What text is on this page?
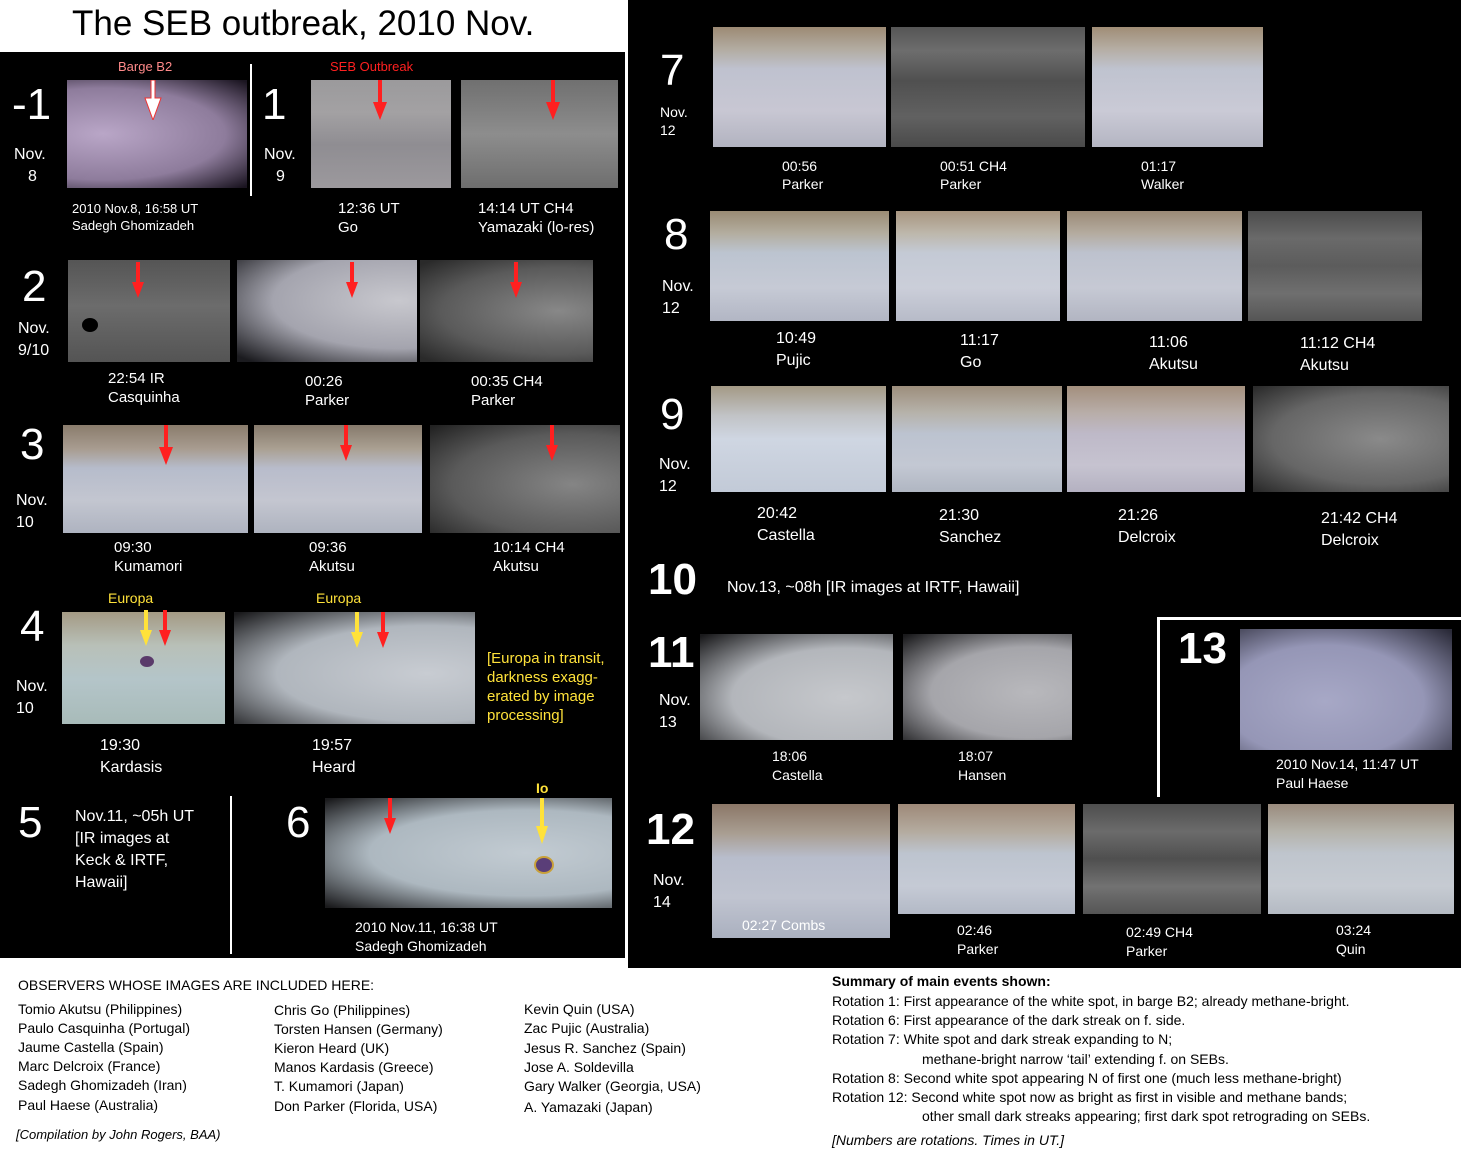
The SEB outbreak, 2010 Nov.
-1
Nov.
8
Barge B2
2010 Nov.8, 16:58 UT
Sadegh Ghomizadeh
1
Nov.
9
SEB Outbreak
12:36 UT
Go
14:14 UT CH4
Yamazaki (lo-res)
2
Nov.
9/10
22:54 IR
Casquinha
00:26
Parker
00:35 CH4
Parker
3
Nov.
10
09:30
Kumamori
09:36
Akutsu
10:14 CH4
Akutsu
4
Nov.
10
Europa	Europa
19:30
Kardasis
19:57
Heard
[Europa in transit,
darkness exagg-
erated by image
processing]
5 Nov.11, ~05h UT
[IR images at
Keck & IRTF,
Hawaii]
6
Io
2010 Nov.11, 16:38 UT
Sadegh Ghomizadeh
7
Nov.
12
00:56
Parker
00:51 CH4
Parker
01:17
Walker
8
Nov.
12
10:49
Pujic
11:17
Go
11:06
Akutsu
11:12 CH4
Akutsu
9
Nov.
12
20:42
Castella
21:30
Sanchez
21:26
Delcroix
21:42 CH4
Delcroix
10 Nov.13, ~08h [IR images at IRTF, Hawaii]
11
Nov.
13
18:06
Castella
18:07
Hansen
13
2010 Nov.14, 11:47 UT
Paul Haese
12
Nov.
14
02:27 Combs	02:46
Parker
02:49 CH4
Parker
03:24
Quin
OBSERVERS WHOSE IMAGES ARE INCLUDED HERE:
Tomio Akutsu (Philippines)
Paulo Casquinha (Portugal)
Jaume Castella (Spain)
Marc Delcroix (France)
Sadegh Ghomizadeh (Iran)
Paul Haese (Australia)
Chris Go (Philippines)
Torsten Hansen (Germany)
Kieron Heard (UK)
Manos Kardasis (Greece)
T. Kumamori (Japan)
Don Parker (Florida, USA)
Kevin Quin (USA)
Zac Pujic (Australia)
Jesus R. Sanchez (Spain)
Jose A. Soldevilla
Gary Walker (Georgia, USA)
A. Yamazaki (Japan)
[Compilation by John Rogers, BAA)
Summary of main events shown:
Rotation 1: First appearance of the white spot, in barge B2; already methane-bright.
Rotation 6: First appearance of the dark streak on f. side.
Rotation 7: White spot and dark streak expanding to N;
methane-bright narrow ‘tail’ extending f. on SEBs.
Rotation 8: Second white spot appearing N of first one (much less methane-bright)
Rotation 12: Second white spot now as bright as first in visible and methane bands;
other small dark streaks appearing; first dark spot retrograding on SEBs.
[Numbers are rotations. Times in UT.]
